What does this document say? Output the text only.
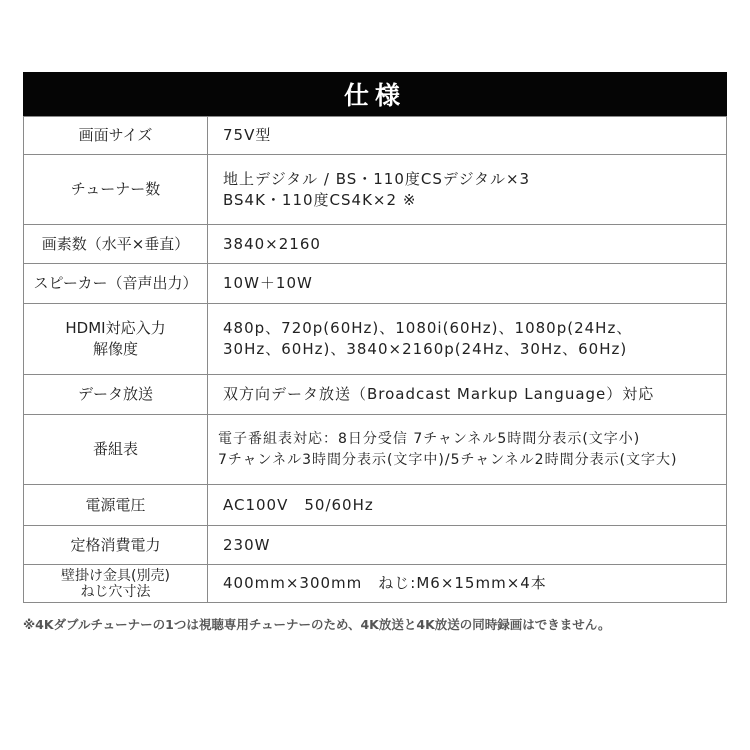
仕様
画面サイズ	75V型

チューナー数	地上デジタル / BS・110度CSデジタル×3
BS4K・110度CS4K×2 ※

画素数（水平×垂直）	3840×2160

スピーカー（音声出力）	10W＋10W

HDMI対応入力
解像度	480p、720p(60Hz)、1080i(60Hz)、1080p(24Hz、
30Hz、60Hz)、3840×2160p(24Hz、30Hz、60Hz)

データ放送	双方向データ放送（Broadcast Markup Language）対応

番組表	電子番組表対応：8日分受信 7チャンネル5時間分表示(文字小)
7チャンネル3時間分表示(文字中)/5チャンネル2時間分表示(文字大)

電源電圧	AC100V　50/60Hz

定格消費電力	230W

壁掛け金具(別売)
ねじ穴寸法	400mm×300mm　ねじ:M6×15mm×4本
※4Kダブルチューナーの1つは視聴専用チューナーのため、4K放送と4K放送の同時録画はできません。
